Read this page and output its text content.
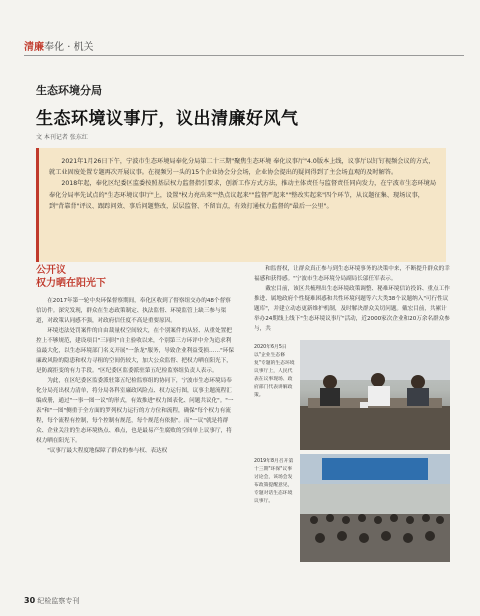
清廉奉化 · 机关
生态环境分局
生态环境议事厅，议出清廉好风气
文 本刊记者 张东红

2021年1月26日下午，宁波市生态环境局奉化分局第二十三期"聚焦生态环境 奉化议事厅"4.0版本上线，议事厅以钉钉视频会议的方式，就工业固废处置专题再次开展议事。在视频另一头的15个企业协会分会场，企业协会提出的疑问得到了主会场直观的及时解答。

2018年起，奉化区纪委区监委按照基层权力监督指引要求，创新工作方式方法，推动主体责任与监督责任同向发力，在宁波市生态环境局奉化分局率先试点的"生态环境议事厅"上，设置"权力亮出来""热点议起来""监督严起来""整改实起来"四个环节，从议题征集、现场议事，到"背靠背"评议、跟踪问效、事后问题整改，层层监督、不留盲点，有效打通权力监督的"最后一公里"。

公开议
权力晒在阳光下

在2017年第一轮中央环保督察期间，奉化区收到了督察组交办的48个督察信访件。深究发现，群众在生态政策制定、执法监督、环境监管上缺三参与渠道，对政策认同感不强，对政府信任度不高是重要原因。

环境违法处罚案件的自由裁量权空间较大，在个别案件的从轻、从重处置把控上不够规范，建设项目"三同时"自主验收以来，个别第三方环评中介为追求利益最大化，以生态环境部门名义开展"一条龙"服务，导致企业利益受损……"环保廉政风险的隐患和权力寻租的空间仍较大，加大公众监督、把权力晒在阳光下，是防腐拒变的有力手段。"区纪委区监委派驻第五纪检监察组负责人表示。

为此，在区纪委区监委派驻第五纪检监察组的协同下，宁波市生态环境局奉化分局亮出权力清单，将分局各科室廉政风险点、权力运行图，议事主题流程汇编成册，通过"一事一图一议"的形式，有效推进"权力图表化、问题共议化"。"一表"和"一图"侧重于全方面的罗列权力运行的方方位和流程，确保"每个权力有流程，每个流程有控制，每个控制有规范，每个规范有依据"。而"一议"就是将群众、企业关注的生态环境热点、难点，也是最易产生腐败的空间单上议事厅，将权力晒在阳光下。

"议事厅最大程度地保障了群众的参与权、表达权

和监督权，让群众真正参与到生态环境事务的决策中来，不断提升群众的幸福感和获得感。"宁波市生态环境分局副局长邬任军表示。

戴宏目前，该区共梳理出生态环境政策调整、秘难环境信访投诉、重点工作推进、属地政府个性疑难困惑和共性环境问题等六大类38个议题纳入"可行性议题库"，并建立动态更新维护机制，及时解决群众关切问题。戴宏目前，共累计举办24期线上线下"生态环境议事厅"活动，近2000家次企业和20万余名群众参与，共

2020年6月5日以"企业生态修复"专题的生态环境议事厅上，人民代表在议事现场、政府部门代表讲解政策。
2019年8月召开第十三期"环保"议事讨论会，该场会发布政策提醒意见，专题对话生态环境议事厅。
30 纪检监察专刊
